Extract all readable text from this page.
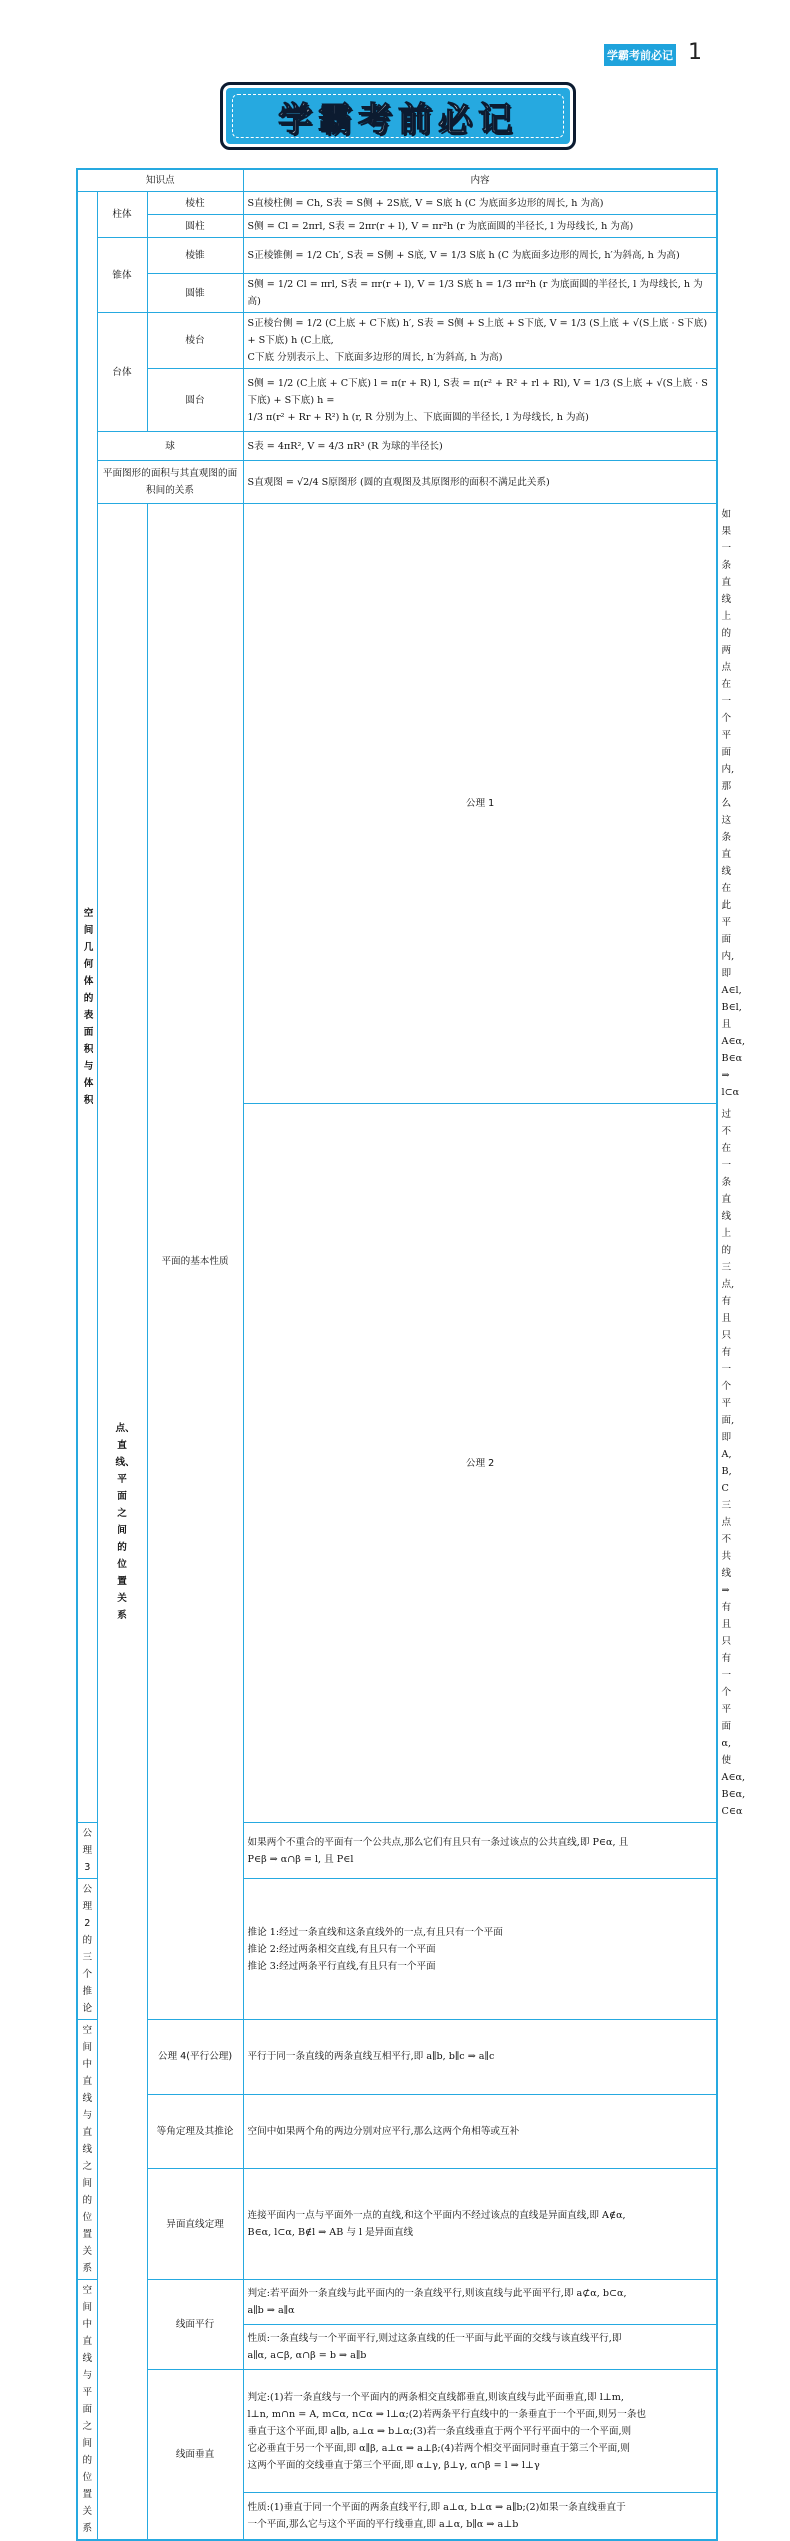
学霸考前必记 1
学霸考前必记
知识点			内容	
空间几何体的表面积与体积	柱体	棱柱	S直棱柱侧 = Ch, S表 = S侧 + 2S底, V = S底 h (C 为底面多边形的周长, h 为高)	
		圆柱	S侧 = Cl = 2πrl, S表 = 2πr(r + l), V = πr²h (r 为底面圆的半径长, l 为母线长, h 为高)	
	锥体	棱锥	S正棱锥侧 = 1/2 Ch′, S表 = S侧 + S底, V = 1/3 S底 h (C 为底面多边形的周长, h′为斜高, h 为高)	
		圆锥	S侧 = 1/2 Cl = πrl, S表 = πr(r + l), V = 1/3 S底 h = 1/3 πr²h (r 为底面圆的半径长, l 为母线长, h 为高)	
	台体	棱台	S正棱台侧 = 1/2 (C上底 + C下底) h′, S表 = S侧 + S上底 + S下底, V = 1/3 (S上底 + √(S上底 · S下底) + S下底) h (C上底,
C下底 分别表示上、下底面多边形的周长, h′为斜高, h 为高)	

		圆台	S侧 = 1/2 (C上底 + C下底) l = π(r + R) l, S表 = π(r² + R² + rl + Rl), V = 1/3 (S上底 + √(S上底 · S下底) + S下底) h =
1/3 π(r² + Rr + R²) h (r, R 分别为上、下底面圆的半径长, l 为母线长, h 为高)	

	球		S表 = 4πR², V = 4/3 πR³ (R 为球的半径长)	
	平面图形的面积与其直观图的面积间的关系		S直观图 = √2/4 S原图形 (圆的直观图及其原图形的面积不满足此关系)	
	点、直线、平面之间的位置关系	平面的基本性质	公理 1	如果一条直线上的两点在一个平面内,那么这条直线在此平面内,即 A∈l, B∈l, 且 A∈α, B∈α ⇒ l⊂α
			公理 2	过不在一条直线上的三点,有且只有一个平面,即 A, B, C 三点不共线 ⇒ 有且只有一个平面 α,
使 A∈α, B∈α, C∈α

公理 3			如果两个不重合的平面有一个公共点,那么它们有且只有一条过该点的公共直线,即 P∈α, 且
P∈β ⇒ α∩β = l, 且 P∈l	

公理 2 的三个推论			推论 1:经过一条直线和这条直线外的一点,有且只有一个平面
推论 2:经过两条相交直线,有且只有一个平面
推论 3:经过两条平行直线,有且只有一个平面	

空间中直线与直线之间的位置关系		公理 4(平行公理)	平行于同一条直线的两条直线互相平行,即 a∥b, b∥c ⇒ a∥c	
		等角定理及其推论	空间中如果两个角的两边分别对应平行,那么这两个角相等或互补	
		异面直线定理	连接平面内一点与平面外一点的直线,和这个平面内不经过该点的直线是异面直线,即 A∉α,
B∈α, l⊂α, B∉l ⇒ AB 与 l 是异面直线	

空间中直线与平面之间的位置关系		线面平行	判定:若平面外一条直线与此平面内的一条直线平行,则该直线与此平面平行,即 a⊄α, b⊂α,
a∥b ⇒ a∥α	

			性质:一条直线与一个平面平行,则过这条直线的任一平面与此平面的交线与该直线平行,即
a∥α, a⊂β, α∩β = b ⇒ a∥b	

		线面垂直	判定:(1)若一条直线与一个平面内的两条相交直线都垂直,则该直线与此平面垂直,即 l⊥m,
l⊥n, m∩n = A, m⊂α, n⊂α ⇒ l⊥α;(2)若两条平行直线中的一条垂直于一个平面,则另一条也
垂直于这个平面,即 a∥b, a⊥α ⇒ b⊥α;(3)若一条直线垂直于两个平行平面中的一个平面,则
它必垂直于另一个平面,即 α∥β, a⊥α ⇒ a⊥β;(4)若两个相交平面同时垂直于第三个平面,则
这两个平面的交线垂直于第三个平面,即 α⊥γ, β⊥γ, α∩β = l ⇒ l⊥γ	

			性质:(1)垂直于同一个平面的两条直线平行,即 a⊥α, b⊥α ⇒ a∥b;(2)如果一条直线垂直于
一个平面,那么它与这个平面的平行线垂直,即 a⊥α, b∥α ⇒ a⊥b	
